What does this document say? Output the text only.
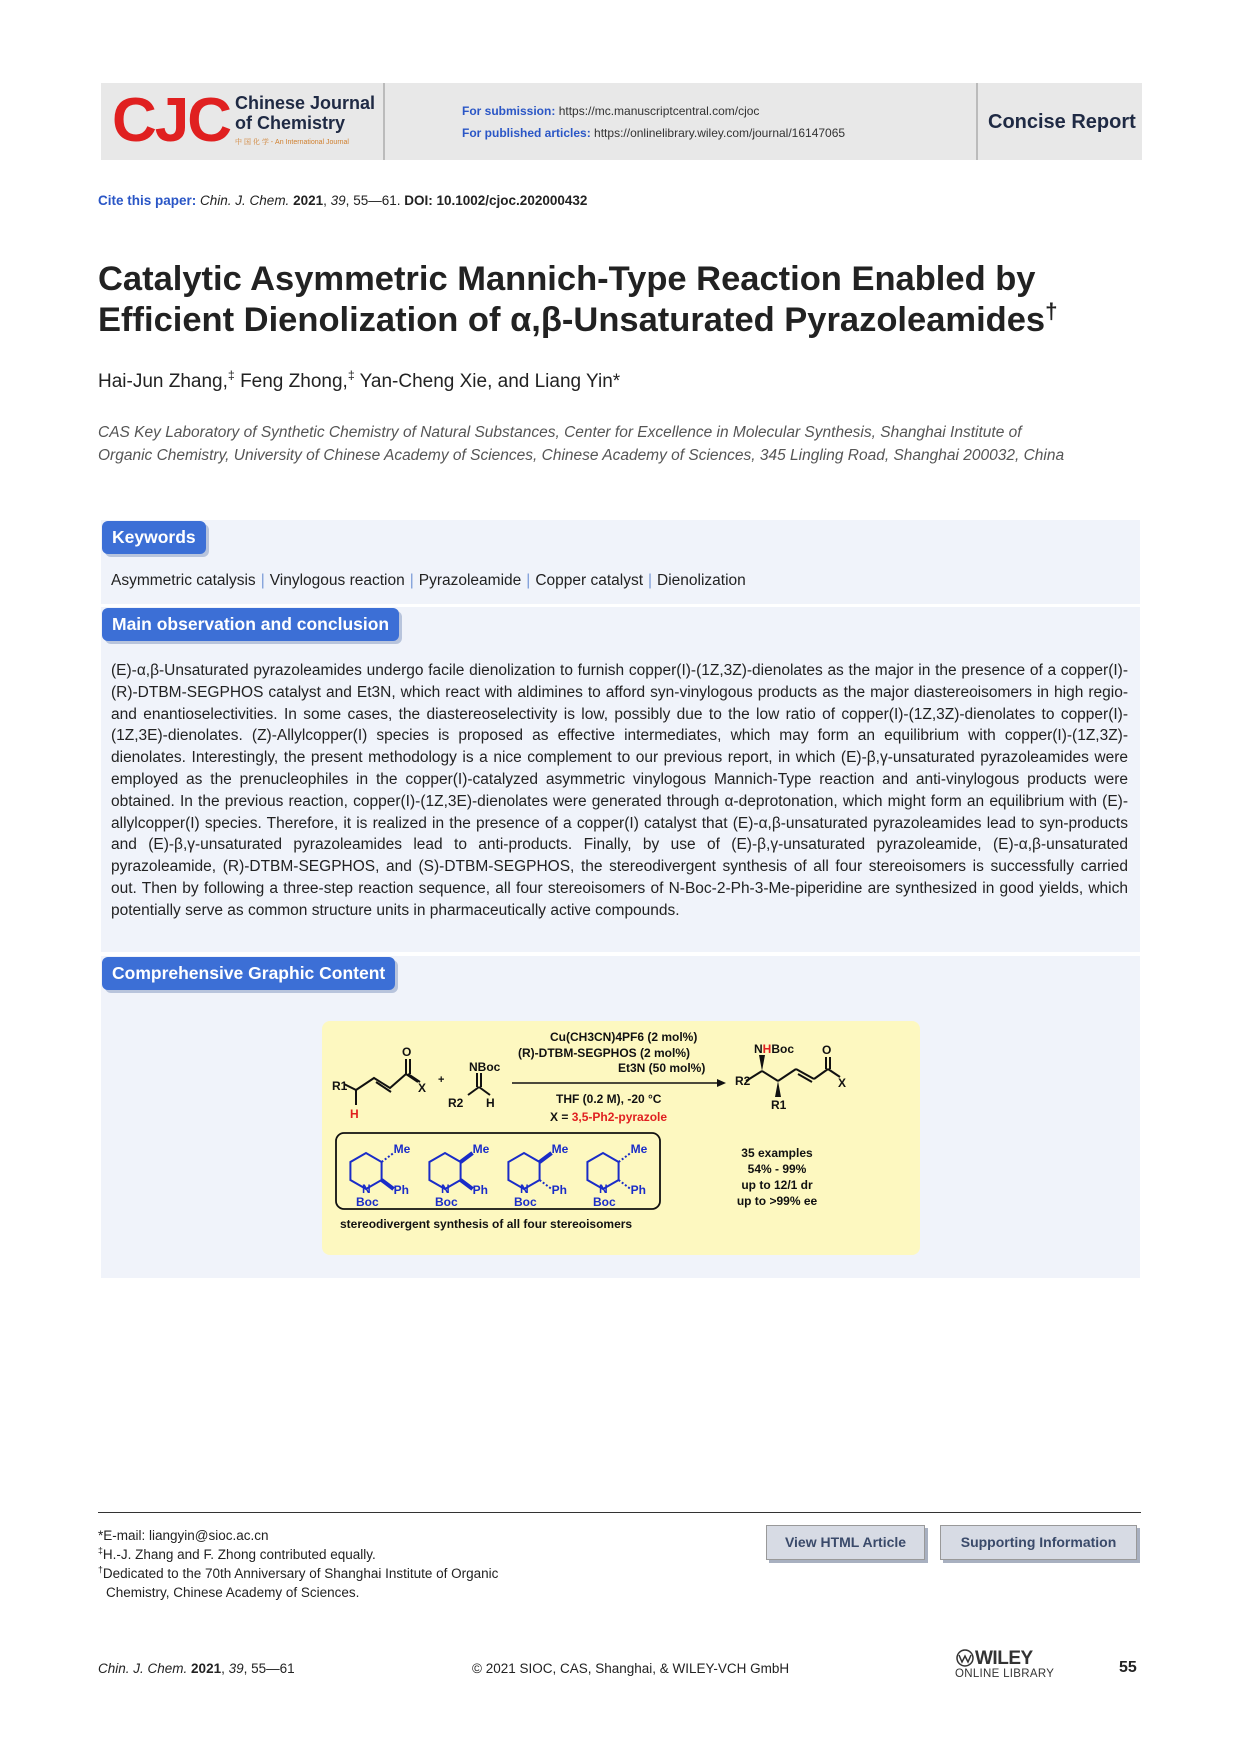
CJC Chinese Journal
of Chemistry
中 国 化 学 - An International Journal
For submission: https://mc.manuscriptcentral.com/cjoc
For published articles: https://onlinelibrary.wiley.com/journal/16147065	Concise Report
Cite this paper: Chin. J. Chem. 2021, 39, 55—61. DOI: 10.1002/cjoc.202000432
Catalytic Asymmetric Mannich-Type Reaction Enabled by
Efficient Dienolization of α,β-Unsaturated Pyrazoleamides†
Hai-Jun Zhang,‡ Feng Zhong,‡ Yan-Cheng Xie, and Liang Yin*
CAS Key Laboratory of Synthetic Chemistry of Natural Substances, Center for Excellence in Molecular Synthesis, Shanghai Institute of
Organic Chemistry, University of Chinese Academy of Sciences, Chinese Academy of Sciences, 345 Lingling Road, Shanghai 200032, China
Keywords
Main observation and conclusion
Comprehensive Graphic Content
Asymmetric catalysis | Vinylogous reaction | Pyrazoleamide | Copper catalyst | Dienolization
(E)-α,β-Unsaturated pyrazoleamides undergo facile dienolization to furnish copper(I)-(1Z,3Z)-dienolates as the major in the presence of a copper(I)-(R)-DTBM-SEGPHOS catalyst and Et3N, which react with aldimines to afford syn-vinylogous products as the major diastereoisomers in high regio- and enantioselectivities. In some cases, the diastereoselectivity is low, possibly due to the low ratio of copper(I)-(1Z,3Z)-dienolates to copper(I)-(1Z,3E)-dienolates. (Z)-Allylcopper(I) species is proposed as effective intermediates, which may form an equilibrium with copper(I)-(1Z,3Z)-dienolates. Interestingly, the present methodology is a nice complement to our previous report, in which (E)-β,γ-unsaturated pyrazoleamides were employed as the prenucleophiles in the copper(I)-catalyzed asymmetric vinylogous Mannich-Type reaction and anti-vinylogous products were obtained. In the previous reaction, copper(I)-(1Z,3E)-dienolates were generated through α-deprotonation, which might form an equilibrium with (E)-allylcopper(I) species. Therefore, it is realized in the presence of a copper(I) catalyst that (E)-α,β-unsaturated pyrazoleamides lead to syn-products and (E)-β,γ-unsaturated pyrazoleamides lead to anti-products. Finally, by use of (E)-β,γ-unsaturated pyrazoleamide, (E)-α,β-unsaturated pyrazoleamide, (R)-DTBM-SEGPHOS, and (S)-DTBM-SEGPHOS, the stereodivergent synthesis of all four stereoisomers is successfully carried out. Then by following a three-step reaction sequence, all four stereoisomers of N-Boc-2-Ph-3-Me-piperidine are synthesized in good yields, which potentially serve as common structure units in pharmaceutically active compounds.
R1
H
O
X
+
NBoc
R2 H
Cu(CH3CN)4PF6 (2 mol%)
(R)-DTBM-SEGPHOS (2 mol%)
Et3N (50 mol%)
THF (0.2 M), -20 °C
X = 3,5-Ph2-pyrazole
NHBoc
R2
R1
O
X
Me
Ph
N
Boc
Me
Ph
N
Boc
Me
Ph
N
Boc
Me
Ph
N
Boc
stereodivergent synthesis of all four stereoisomers
35 examples
54% - 99%
up to 12/1 dr
up to >99% ee
*E-mail: liangyin@sioc.ac.cn
‡H.-J. Zhang and F. Zhong contributed equally.
†Dedicated to the 70th Anniversary of Shanghai Institute of Organic
Chemistry, Chinese Academy of Sciences.
View HTML Article	Supporting Information
Chin. J. Chem. 2021, 39, 55—61	© 2021 SIOC, CAS, Shanghai, & WILEY-VCH GmbH	WILEY
ONLINE LIBRARY	55
